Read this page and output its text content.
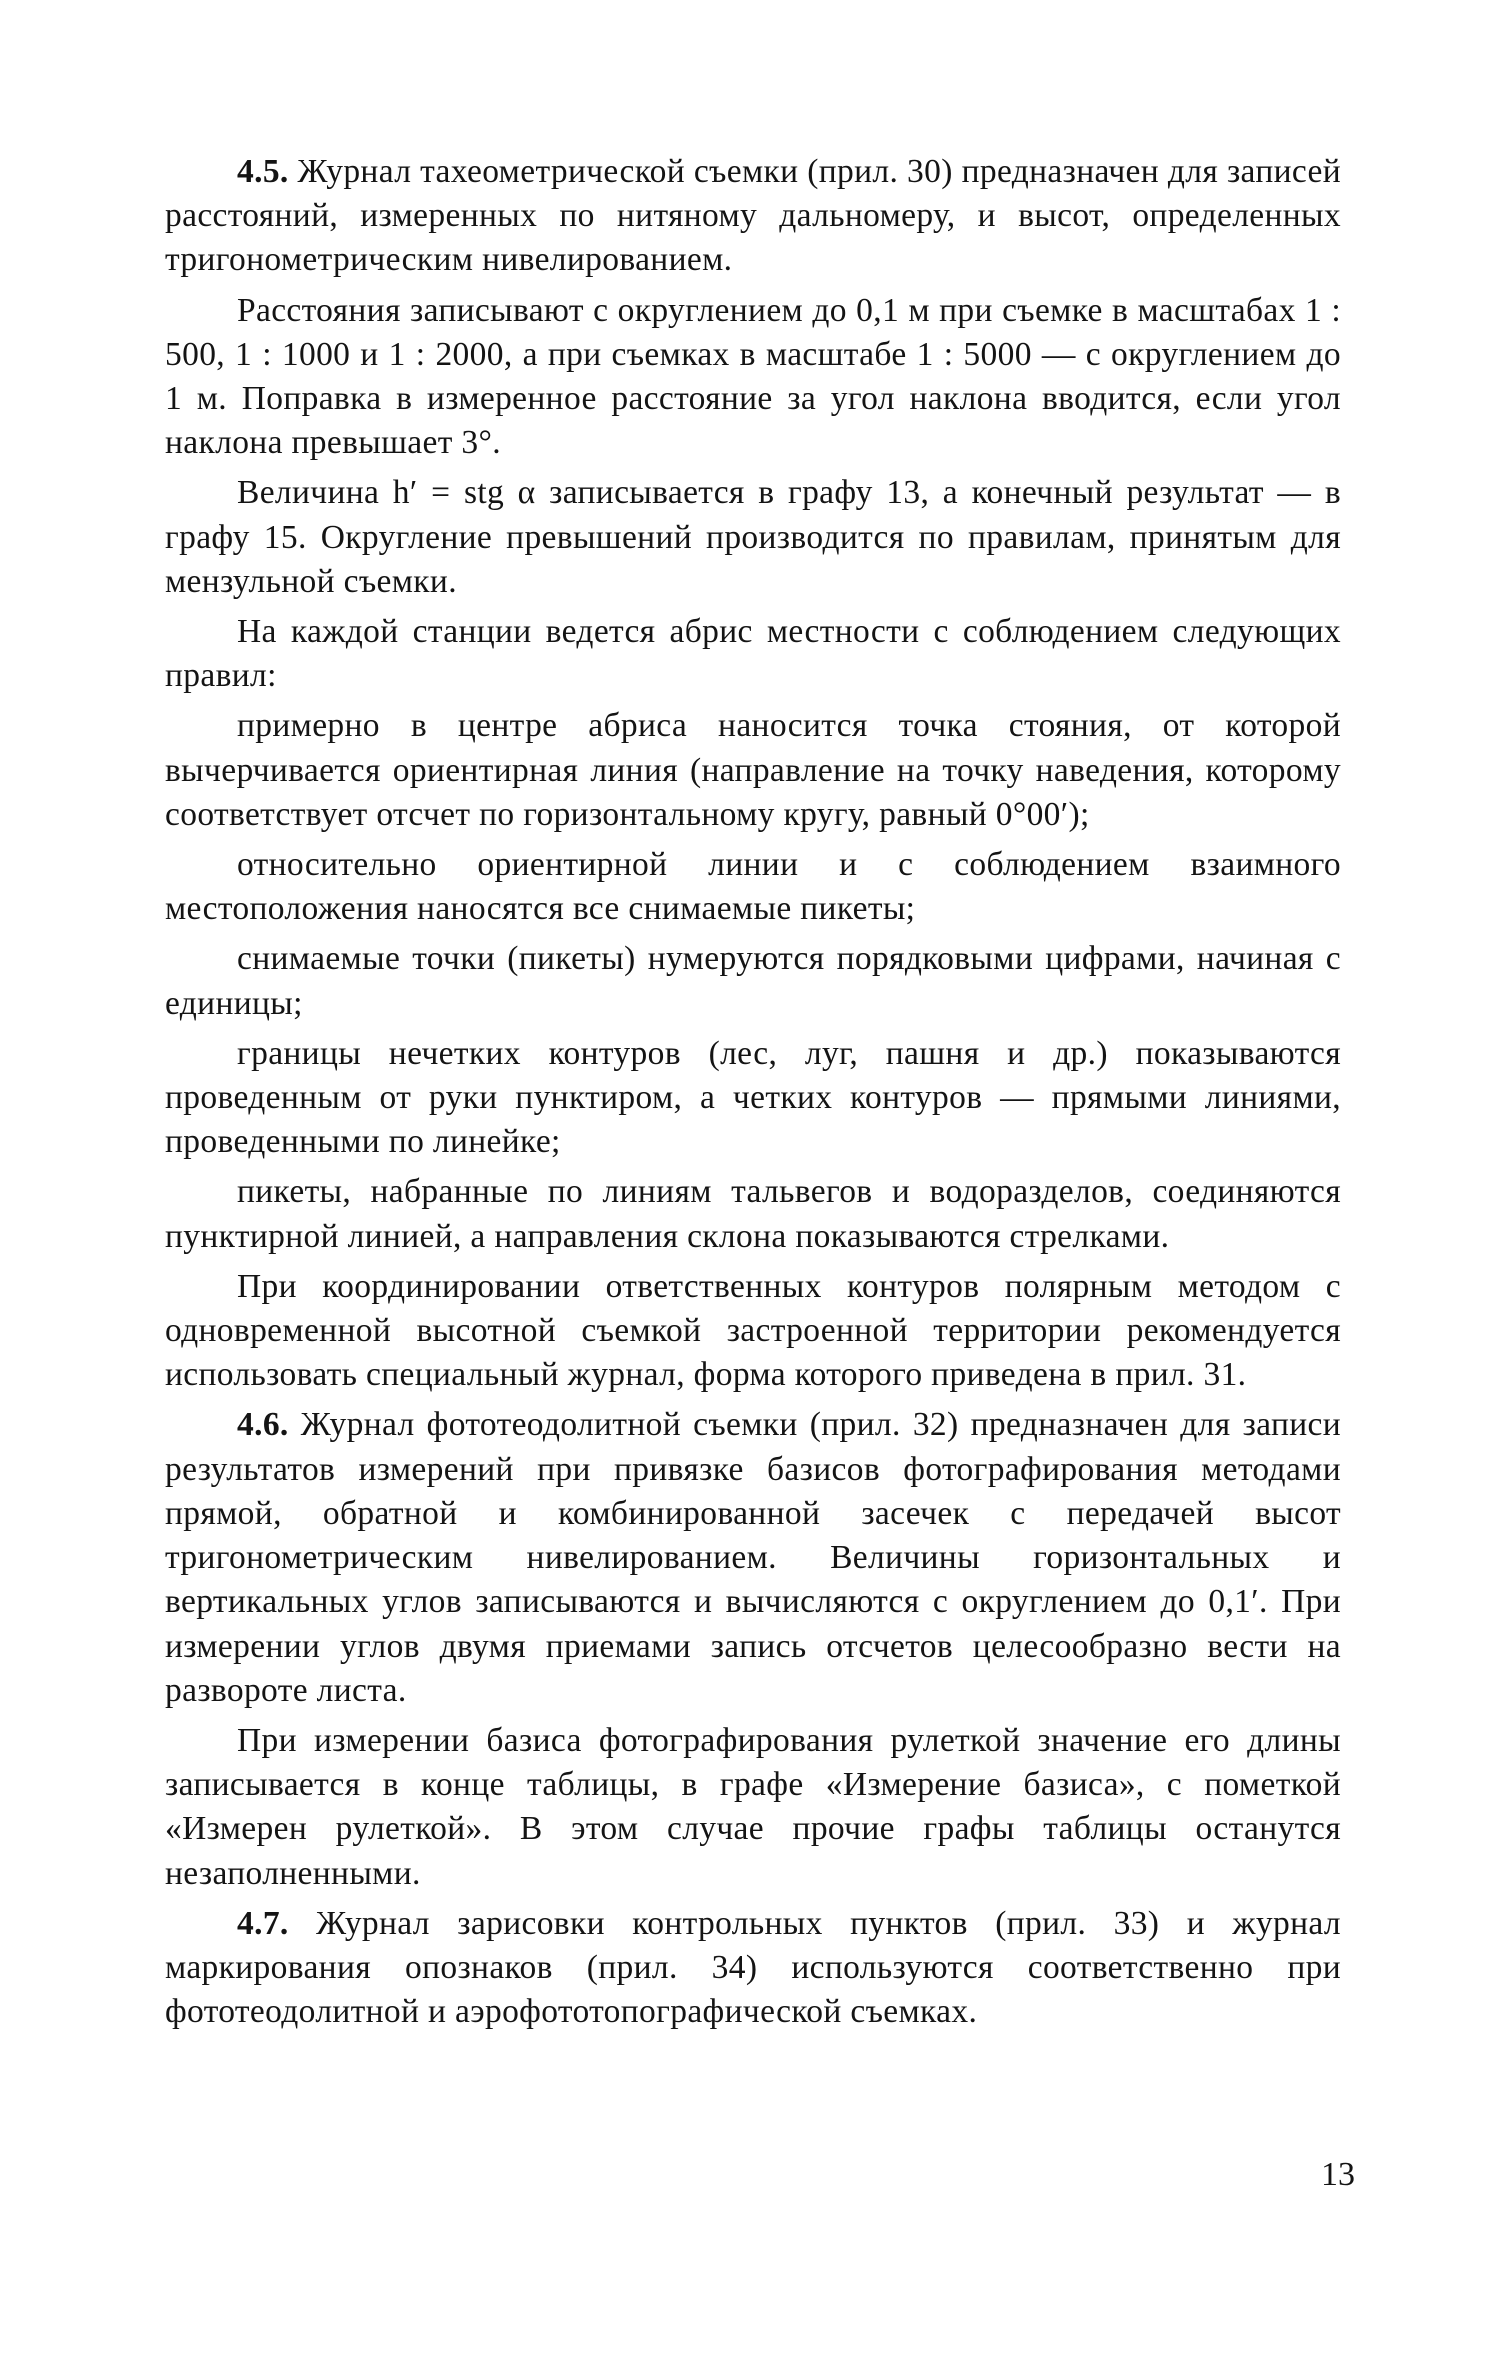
4.5. Журнал тахеометрической съемки (прил. 30) предназначен для записей расстояний, измеренных по нитяному дальномеру, и высот, определенных тригонометрическим нивелированием.

Расстояния записывают с округлением до 0,1 м при съемке в масштабах 1 : 500, 1 : 1000 и 1 : 2000, а при съемках в масштабе 1 : 5000 — с округлением до 1 м. Поправка в измеренное расстояние за угол наклона вводится, если угол наклона превышает 3°.

Величина h′ = stg α записывается в графу 13, а конечный результат — в графу 15. Округление превышений производится по правилам, принятым для мензульной съемки.

На каждой станции ведется абрис местности с соблюдением следующих правил:

примерно в центре абриса наносится точка стояния, от которой вычерчивается ориентирная линия (направление на точку наведения, которому соответствует отсчет по горизонтальному кругу, равный 0°00′);

относительно ориентирной линии и с соблюдением взаимного местоположения наносятся все снимаемые пикеты;

снимаемые точки (пикеты) нумеруются порядковыми цифрами, начиная с единицы;

границы нечетких контуров (лес, луг, пашня и др.) показываются проведенным от руки пунктиром, а четких контуров — прямыми линиями, проведенными по линейке;

пикеты, набранные по линиям тальвегов и водоразделов, соединяются пунктирной линией, а направления склона показываются стрелками.

При координировании ответственных контуров полярным методом с одновременной высотной съемкой застроенной территории рекомендуется использовать специальный журнал, форма которого приведена в прил. 31.

4.6. Журнал фототеодолитной съемки (прил. 32) предназначен для записи результатов измерений при привязке базисов фотографирования методами прямой, обратной и комбинированной засечек с передачей высот тригонометрическим нивелированием. Величины горизонтальных и вертикальных углов записываются и вычисляются с округлением до 0,1′. При измерении углов двумя приемами запись отсчетов целесообразно вести на развороте листа.

При измерении базиса фотографирования рулеткой значение его длины записывается в конце таблицы, в графе «Измерение базиса», с пометкой «Измерен рулеткой». В этом случае прочие графы таблицы останутся незаполненными.

4.7. Журнал зарисовки контрольных пунктов (прил. 33) и журнал маркирования опознаков (прил. 34) используются соответственно при фототеодолитной и аэрофототопографической съемках.

13
